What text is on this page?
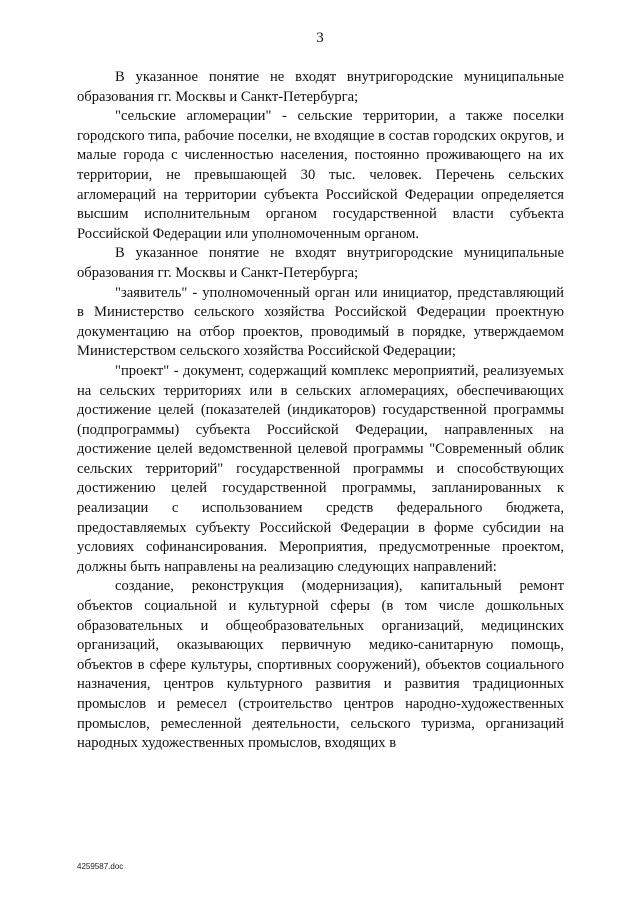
3

В указанное понятие не входят внутригородские муниципальные образования гг. Москвы и Санкт-Петербурга;

"сельские агломерации" - сельские территории, а также поселки городского типа, рабочие поселки, не входящие в состав городских округов, и малые города с численностью населения, постоянно проживающего на их территории, не превышающей 30 тыс. человек. Перечень сельских агломераций на территории субъекта Российской Федерации определяется высшим исполнительным органом государственной власти субъекта Российской Федерации или уполномоченным органом.

В указанное понятие не входят внутригородские муниципальные образования гг. Москвы и Санкт-Петербурга;

"заявитель" - уполномоченный орган или инициатор, представляющий в Министерство сельского хозяйства Российской Федерации проектную документацию на отбор проектов, проводимый в порядке, утверждаемом Министерством сельского хозяйства Российской Федерации;

"проект" - документ, содержащий комплекс мероприятий, реализуемых на сельских территориях или в сельских агломерациях, обеспечивающих достижение целей (показателей (индикаторов) государственной программы (подпрограммы) субъекта Российской Федерации, направленных на достижение целей ведомственной целевой программы "Современный облик сельских территорий" государственной программы и способствующих достижению целей государственной программы, запланированных к реализации с использованием средств федерального бюджета, предоставляемых субъекту Российской Федерации в форме субсидии на условиях софинансирования. Мероприятия, предусмотренные проектом, должны быть направлены на реализацию следующих направлений:

создание, реконструкция (модернизация), капитальный ремонт объектов социальной и культурной сферы (в том числе дошкольных образовательных и общеобразовательных организаций, медицинских организаций, оказывающих первичную медико-санитарную помощь, объектов в сфере культуры, спортивных сооружений), объектов социального назначения, центров культурного развития и развития традиционных промыслов и ремесел (строительство центров народно-художественных промыслов, ремесленной деятельности, сельского туризма, организаций народных художественных промыслов, входящих в

4259587.doc
